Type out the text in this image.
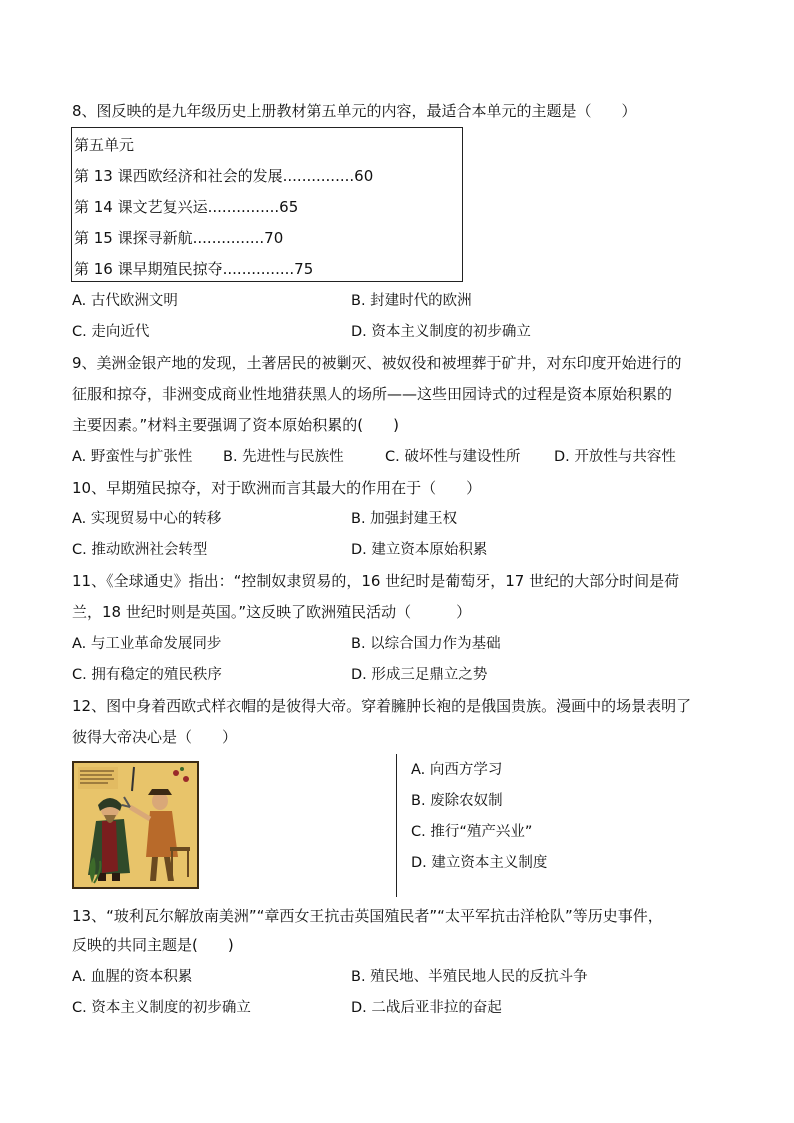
8、图反映的是九年级历史上册教材第五单元的内容，最适合本单元的主题是（　　）
第五单元
第 13 课西欧经济和社会的发展...............60
第 14 课文艺复兴运...............65
第 15 课探寻新航...............70
第 16 课早期殖民掠夺...............75
A. 古代欧洲文明	B. 封建时代的欧洲
C. 走向近代	D. 资本主义制度的初步确立
9、美洲金银产地的发现，土著居民的被剿灭、被奴役和被埋葬于矿井，对东印度开始进行的
征服和掠夺，非洲变成商业性地猎获黑人的场所——这些田园诗式的过程是资本原始积累的
主要因素。”材料主要强调了资本原始积累的(　　)
A. 野蛮性与扩张性 B. 先进性与民族性	C. 破坏性与建设性所 D. 开放性与共容性
10、早期殖民掠夺，对于欧洲而言其最大的作用在于（　　）
A. 实现贸易中心的转移	B. 加强封建王权
C. 推动欧洲社会转型	D. 建立资本原始积累
11、《全球通史》指出：“控制奴隶贸易的，16 世纪时是葡萄牙，17 世纪的大部分时间是荷
兰，18 世纪时则是英国。”这反映了欧洲殖民活动（　　　）
A. 与工业革命发展同步	B. 以综合国力作为基础
C. 拥有稳定的殖民秩序	D. 形成三足鼎立之势
12、图中身着西欧式样衣帽的是彼得大帝。穿着臃肿长袍的是俄国贵族。漫画中的场景表明了
彼得大帝决心是（　　）
A. 向西方学习
B. 废除农奴制
C. 推行“殖产兴业”
D. 建立资本主义制度
13、“玻利瓦尔解放南美洲”“章西女王抗击英国殖民者”“太平军抗击洋枪队”等历史事件，
反映的共同主题是(　　)
A. 血腥的资本积累	B. 殖民地、半殖民地人民的反抗斗争
C. 资本主义制度的初步确立	D. 二战后亚非拉的奋起
